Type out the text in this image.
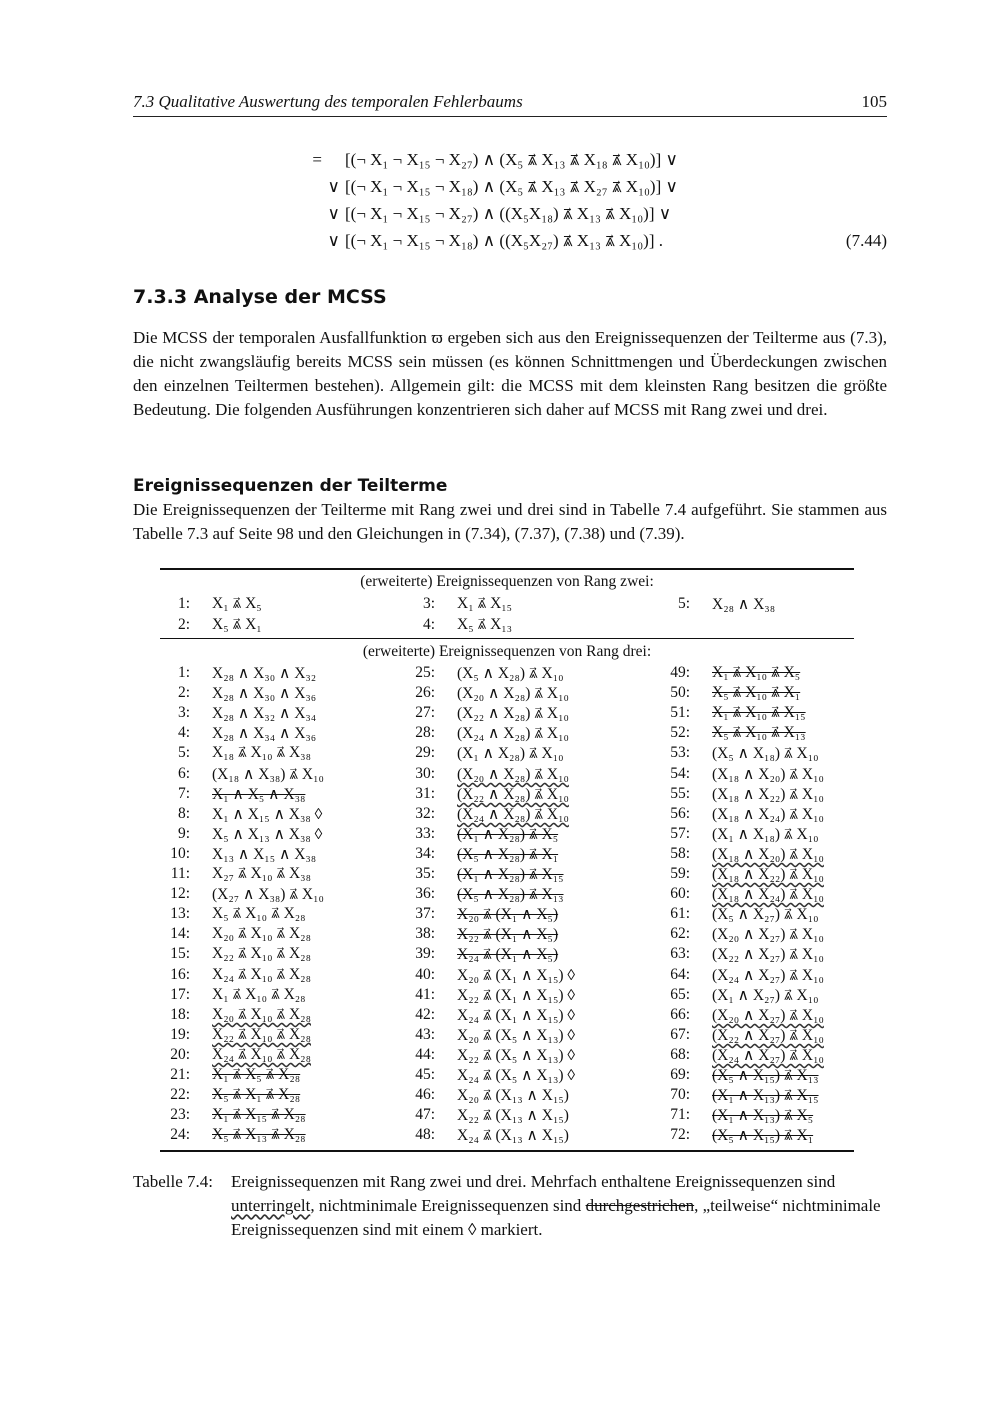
7.3 Qualitative Auswertung des temporalen Fehlerbaums	105
= [(¬ X₁ ¬ X₁₅ ¬ X₂₇) ∧ (X₅ ⩓⃗ X₁₃ ⩓⃗ X₁₈ ⩓⃗ X₁₀)] ∨
∨ [(¬ X₁ ¬ X₁₅ ¬ X₁₈) ∧ (X₅ ⩓⃗ X₁₃ ⩓⃗ X₂₇ ⩓⃗ X₁₀)] ∨
∨ [(¬ X₁ ¬ X₁₅ ¬ X₂₇) ∧ ((X₅X₁₈) ⩓⃗ X₁₃ ⩓⃗ X₁₀)] ∨
∨ [(¬ X₁ ¬ X₁₅ ¬ X₁₈) ∧ ((X₅X₂₇) ⩓⃗ X₁₃ ⩓⃗ X₁₀)] .	(7.44)
7.3.3 Analyse der MCSS

Die MCSS der temporalen Ausfallfunktion ϖ ergeben sich aus den Ereignissequenzen der Teilterme aus (7.3), die nicht zwangsläufig bereits MCSS sein müssen (es können Schnittmengen und Überdeckungen zwischen den einzelnen Teiltermen bestehen). Allgemein gilt: die MCSS mit dem kleinsten Rang besitzen die größte Bedeutung. Die folgenden Ausführungen konzentrieren sich daher auf MCSS mit Rang zwei und drei.

Ereignissequenzen der Teilterme

Die Ereignissequenzen der Teilterme mit Rang zwei und drei sind in Tabelle 7.4 aufgeführt. Sie stammen aus Tabelle 7.3 auf Seite 98 und den Gleichungen in (7.34), (7.37), (7.38) und (7.39).

(erweiterte) Ereignissequenzen von Rang zwei:
1: X₁ ⩓⃗ X₅
2: X₅ ⩓⃗ X₁
3: X₁ ⩓⃗ X₁₅
4: X₅ ⩓⃗ X₁₃
5: X₂₈ ∧ X₃₈
(erweiterte) Ereignissequenzen von Rang drei:
1: X₂₈ ∧ X₃₀ ∧ X₃₂
2: X₂₈ ∧ X₃₀ ∧ X₃₆
3: X₂₈ ∧ X₃₂ ∧ X₃₄
4: X₂₈ ∧ X₃₄ ∧ X₃₆
5: X₁₈ ⩓⃗ X₁₀ ⩓⃗ X₃₈
6: (X₁₈ ∧ X₃₈) ⩓⃗ X₁₀
7: X₁ ∧ X₅ ∧ X₃₈
8: X₁ ∧ X₁₅ ∧ X₃₈ ◊
9: X₅ ∧ X₁₃ ∧ X₃₈ ◊
10: X₁₃ ∧ X₁₅ ∧ X₃₈
11: X₂₇ ⩓⃗ X₁₀ ⩓⃗ X₃₈
12: (X₂₇ ∧ X₃₈) ⩓⃗ X₁₀
13: X₅ ⩓⃗ X₁₀ ⩓⃗ X₂₈
14: X₂₀ ⩓⃗ X₁₀ ⩓⃗ X₂₈
15: X₂₂ ⩓⃗ X₁₀ ⩓⃗ X₂₈
16: X₂₄ ⩓⃗ X₁₀ ⩓⃗ X₂₈
17: X₁ ⩓⃗ X₁₀ ⩓⃗ X₂₈
18: X₂₀ ⩓⃗ X₁₀ ⩓⃗ X₂₈
19: X₂₂ ⩓⃗ X₁₀ ⩓⃗ X₂₈
20: X₂₄ ⩓⃗ X₁₀ ⩓⃗ X₂₈
21: X₁ ⩓⃗ X₅ ⩓⃗ X₂₈
22: X₅ ⩓⃗ X₁ ⩓⃗ X₂₈
23: X₁ ⩓⃗ X₁₅ ⩓⃗ X₂₈
24: X₅ ⩓⃗ X₁₃ ⩓⃗ X₂₈
25: (X₅ ∧ X₂₈) ⩓⃗ X₁₀
26: (X₂₀ ∧ X₂₈) ⩓⃗ X₁₀
27: (X₂₂ ∧ X₂₈) ⩓⃗ X₁₀
28: (X₂₄ ∧ X₂₈) ⩓⃗ X₁₀
29: (X₁ ∧ X₂₈) ⩓⃗ X₁₀
30: (X₂₀ ∧ X₂₈) ⩓⃗ X₁₀
31: (X₂₂ ∧ X₂₈) ⩓⃗ X₁₀
32: (X₂₄ ∧ X₂₈) ⩓⃗ X₁₀
33: (X₁ ∧ X₂₈) ⩓⃗ X₅
34: (X₅ ∧ X₂₈) ⩓⃗ X₁
35: (X₁ ∧ X₂₈) ⩓⃗ X₁₅
36: (X₅ ∧ X₂₈) ⩓⃗ X₁₃
37: X₂₀ ⩓⃗ (X₁ ∧ X₅)
38: X₂₂ ⩓⃗ (X₁ ∧ X₅)
39: X₂₄ ⩓⃗ (X₁ ∧ X₅)
40: X₂₀ ⩓⃗ (X₁ ∧ X₁₅) ◊
41: X₂₂ ⩓⃗ (X₁ ∧ X₁₅) ◊
42: X₂₄ ⩓⃗ (X₁ ∧ X₁₅) ◊
43: X₂₀ ⩓⃗ (X₅ ∧ X₁₃) ◊
44: X₂₂ ⩓⃗ (X₅ ∧ X₁₃) ◊
45: X₂₄ ⩓⃗ (X₅ ∧ X₁₃) ◊
46: X₂₀ ⩓⃗ (X₁₃ ∧ X₁₅)
47: X₂₂ ⩓⃗ (X₁₃ ∧ X₁₅)
48: X₂₄ ⩓⃗ (X₁₃ ∧ X₁₅)
49: X₁ ⩓⃗ X₁₀ ⩓⃗ X₅
50: X₅ ⩓⃗ X₁₀ ⩓⃗ X₁
51: X₁ ⩓⃗ X₁₀ ⩓⃗ X₁₅
52: X₅ ⩓⃗ X₁₀ ⩓⃗ X₁₃
53: (X₅ ∧ X₁₈) ⩓⃗ X₁₀
54: (X₁₈ ∧ X₂₀) ⩓⃗ X₁₀
55: (X₁₈ ∧ X₂₂) ⩓⃗ X₁₀
56: (X₁₈ ∧ X₂₄) ⩓⃗ X₁₀
57: (X₁ ∧ X₁₈) ⩓⃗ X₁₀
58: (X₁₈ ∧ X₂₀) ⩓⃗ X₁₀
59: (X₁₈ ∧ X₂₂) ⩓⃗ X₁₀
60: (X₁₈ ∧ X₂₄) ⩓⃗ X₁₀
61: (X₅ ∧ X₂₇) ⩓⃗ X₁₀
62: (X₂₀ ∧ X₂₇) ⩓⃗ X₁₀
63: (X₂₂ ∧ X₂₇) ⩓⃗ X₁₀
64: (X₂₄ ∧ X₂₇) ⩓⃗ X₁₀
65: (X₁ ∧ X₂₇) ⩓⃗ X₁₀
66: (X₂₀ ∧ X₂₇) ⩓⃗ X₁₀
67: (X₂₂ ∧ X₂₇) ⩓⃗ X₁₀
68: (X₂₄ ∧ X₂₇) ⩓⃗ X₁₀
69: (X₅ ∧ X₁₅) ⩓⃗ X₁₃
70: (X₁ ∧ X₁₃) ⩓⃗ X₁₅
71: (X₁ ∧ X₁₃) ⩓⃗ X₅
72: (X₅ ∧ X₁₅) ⩓⃗ X₁
Tabelle 7.4: Ereignissequenzen mit Rang zwei und drei. Mehrfach enthaltene Ereignissequenzen sind unterringelt, nichtminimale Ereignissequenzen sind durchgestrichen, „teilweise“ nichtminimale Ereignissequenzen sind mit einem ◊ markiert.
